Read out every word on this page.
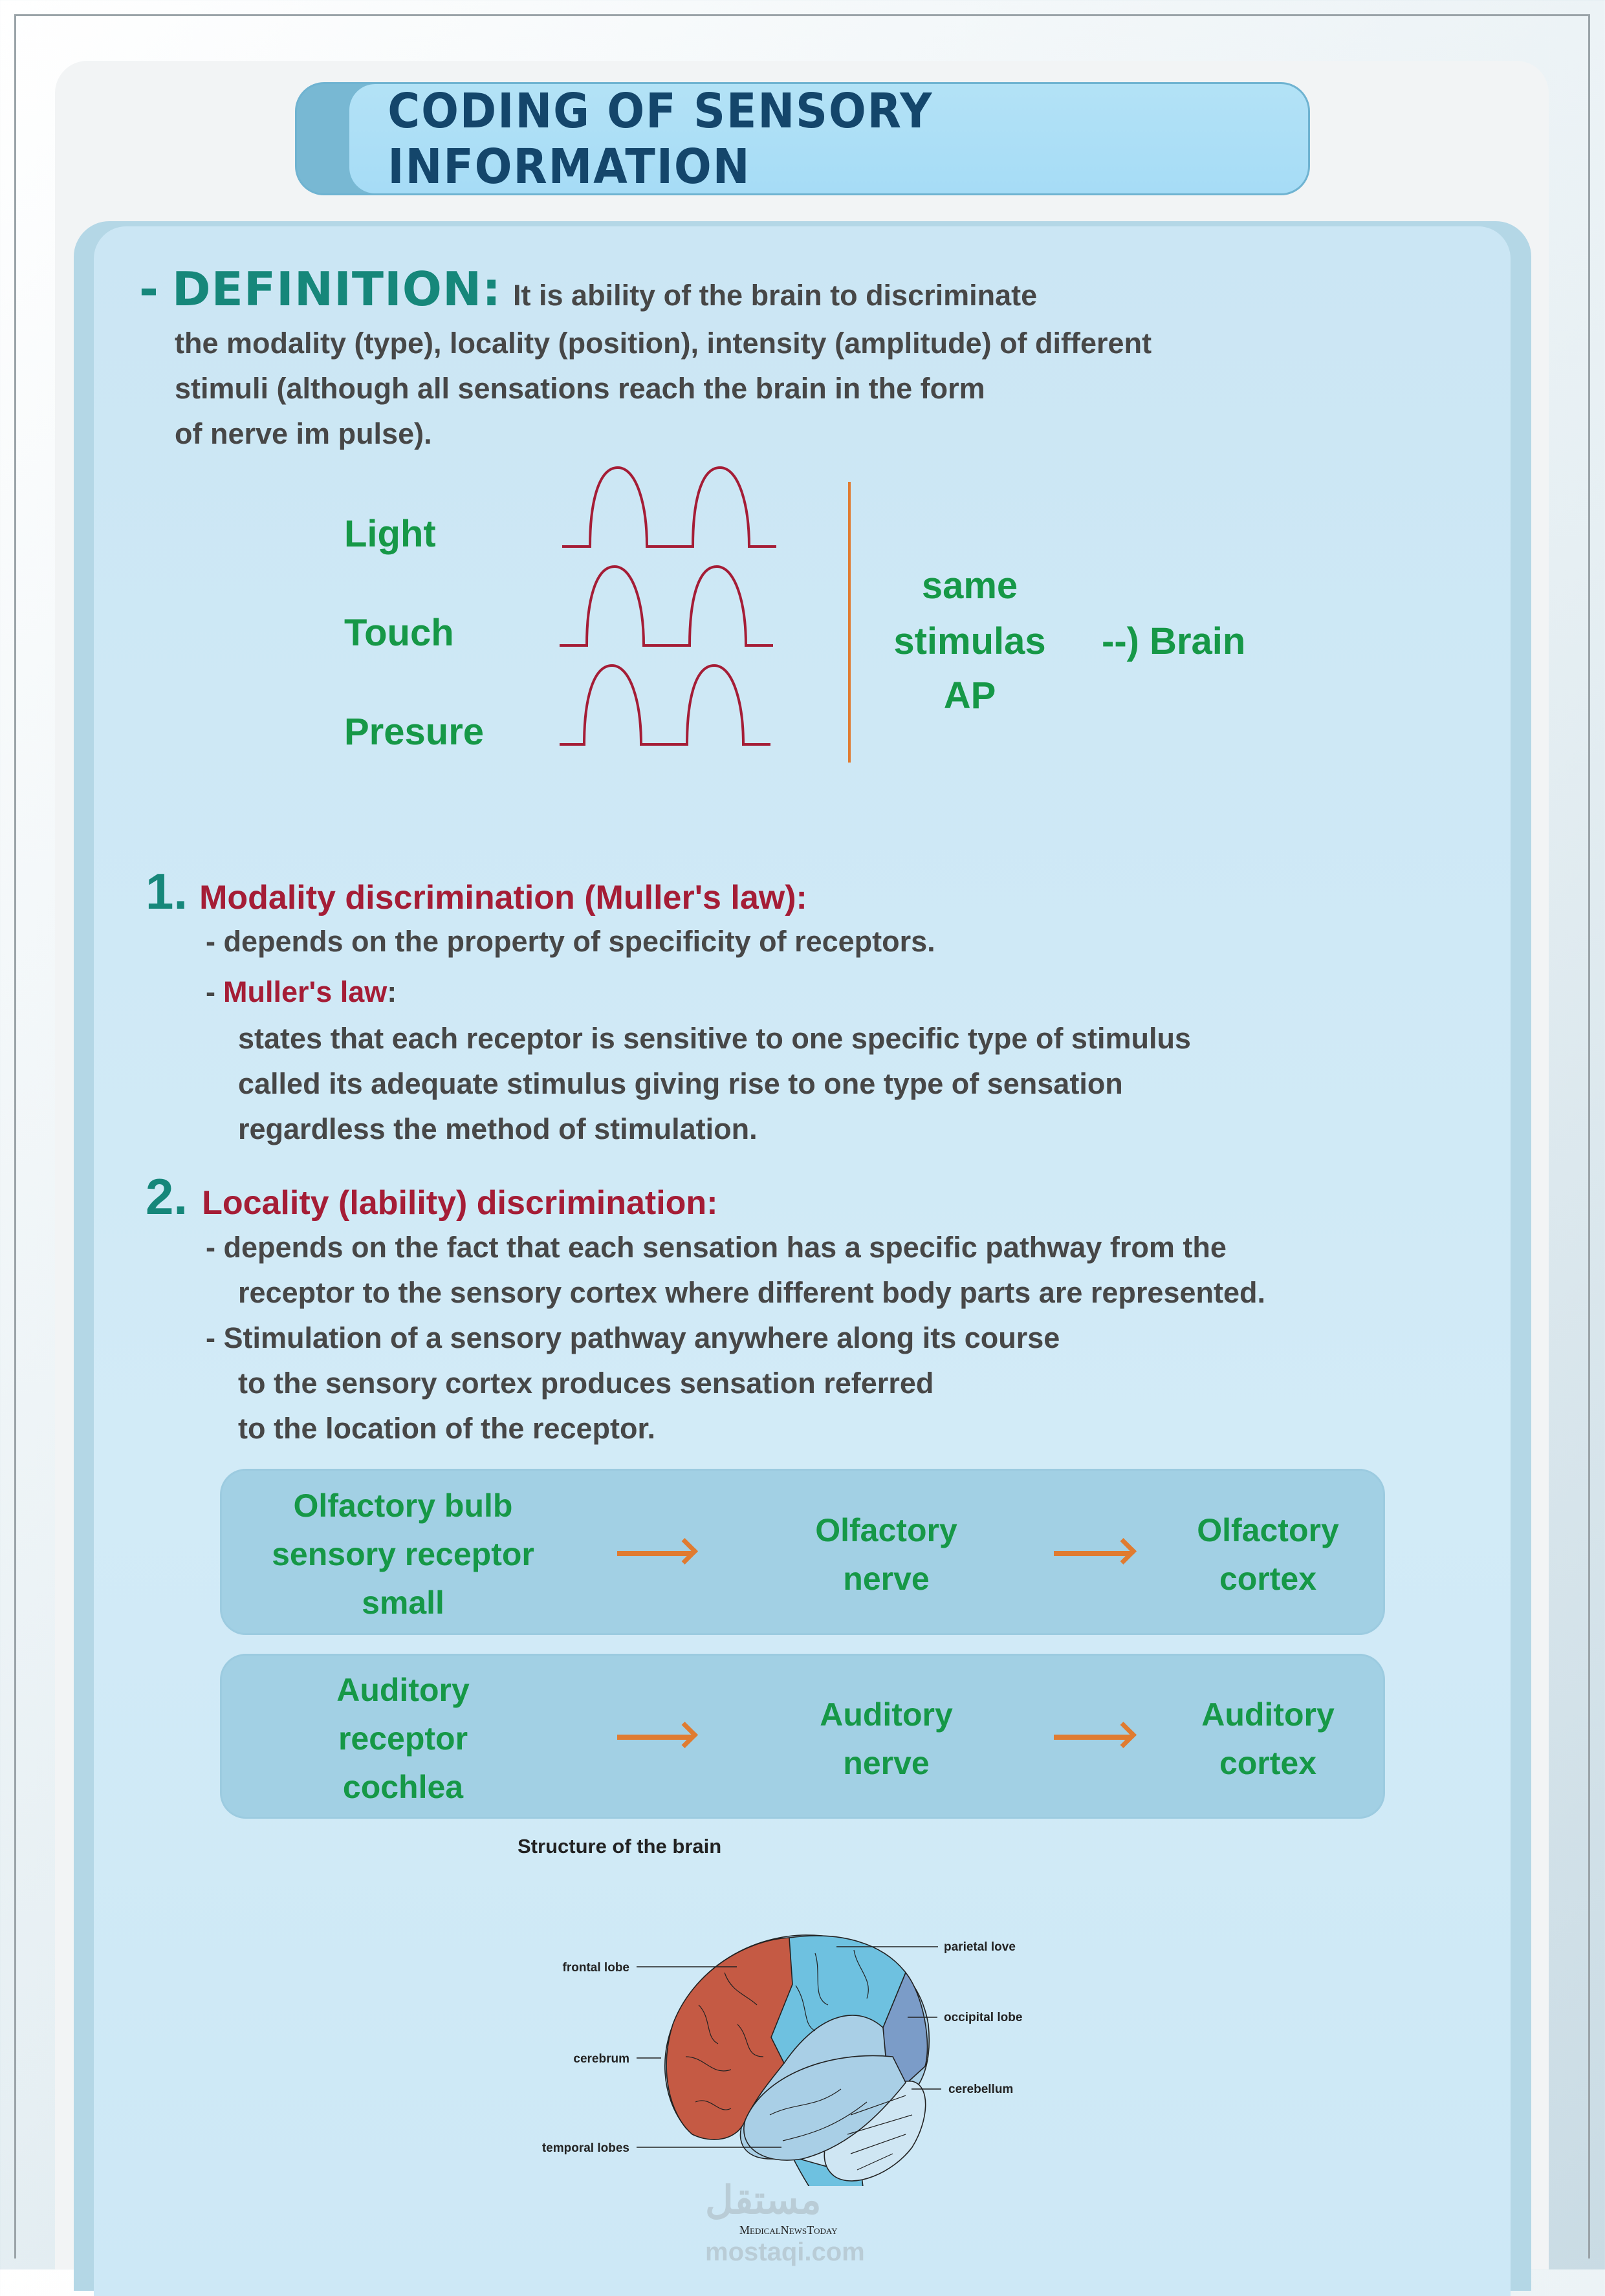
CODING OF SENSORY INFORMATION
- DEFINITION: It is ability of the brain to discriminate
the modality (type), locality (position), intensity (amplitude) of different
stimuli (although all sensations reach the brain in the form
of nerve im pulse).
Light
Touch
Presure
same
stimulas
AP
--) Brain
1. Modality discrimination (Muller's law):
- depends on the property of specificity of receptors.
- Muller's law :
states that each receptor is sensitive to one specific type of stimulus
called its adequate stimulus giving rise to one type of sensation
regardless the method of stimulation.
2. Locality (lability) discrimination:
- depends on the fact that each sensation has a specific pathway from the
receptor to the sensory cortex where different body parts are represented.
- Stimulation of a sensory pathway anywhere along its course
to the sensory cortex produces sensation referred
to the location of the receptor.
Olfactory bulb
sensory receptor
small
Olfactory
nerve
Olfactory
cortex
Auditory
receptor
cochlea
Auditory
nerve
Auditory
cortex
Structure of the brain
frontal lobe
cerebrum
temporal lobes
parietal love
occipital lobe
cerebellum
مستقل
MedicalNewsToday
mostaqi.com
